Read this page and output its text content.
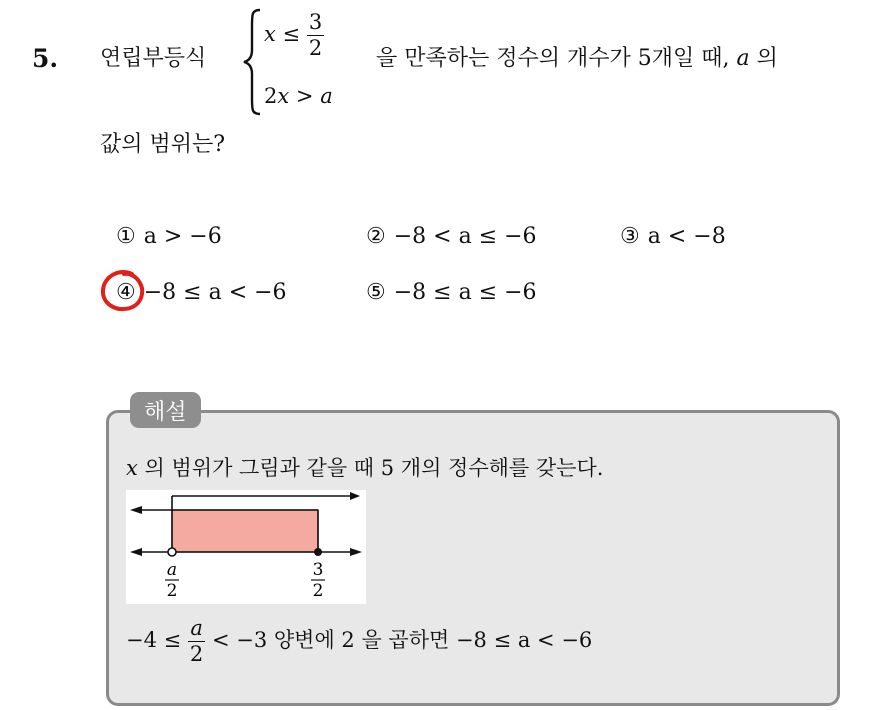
5. 연립부등식
$x \le \frac{3}{2}$
2x > a
을 만족하는 정수의 개수가 5개일 때, a 의
값의 범위는?
① a > −6	② −8 < a ≤ −6	③ a < −8
④ −8 ≤ a < −6	⑤ −8 ≤ a ≤ −6
해설
x 의 범위가 그림과 같을 때 5 개의 정수해를 갖는다.
a
2
3
2
$-4 \le \frac{a}{2} < -3$ 양변에 2 을 곱하면 −8 ≤ a < −6
